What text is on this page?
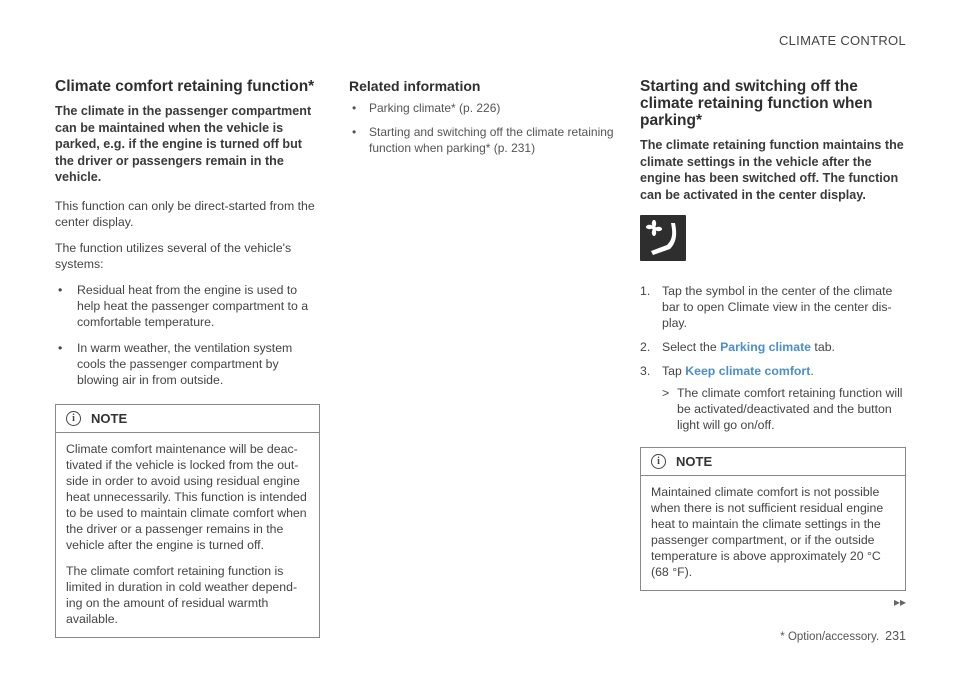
CLIMATE CONTROL
Climate comfort retaining function*
The climate in the passenger compartment can be maintained when the vehicle is parked, e.g. if the engine is turned off but the driver or passengers remain in the vehicle.

This function can only be direct-started from the center display.

The function utilizes several of the vehicle's systems:

• Residual heat from the engine is used to help heat the passenger compartment to a comfortable temperature.
• In warm weather, the ventilation system cools the passenger compartment by blowing air in from outside.
i	NOTE

Climate comfort maintenance will be deac-tivated if the vehicle is locked from the out-side in order to avoid using residual engine heat unnecessarily. This function is intended to be used to maintain climate comfort when the driver or a passenger remains in the vehicle after the engine is turned off.

The climate comfort retaining function is limited in duration in cold weather depend-ing on the amount of residual warmth available.

Related information
• Parking climate* (p. 226)
• Starting and switching off the climate retaining function when parking* (p. 231)
Starting and switching off the climate retaining function when parking*
The climate retaining function maintains the climate settings in the vehicle after the engine has been switched off. The function can be activated in the center display.
1. Tap the symbol in the center of the climate bar to open Climate view in the center dis-play.
2. Select the Parking climate tab.
3. Tap Keep climate comfort.
> The climate comfort retaining function will be activated/deactivated and the button light will go on/off.
i	NOTE

Maintained climate comfort is not possible when there is not sufficient residual engine heat to maintain the climate settings in the passenger compartment, or if the outside temperature is above approximately 20 °C (68 °F).

▸▸
* Option/accessory. 231
